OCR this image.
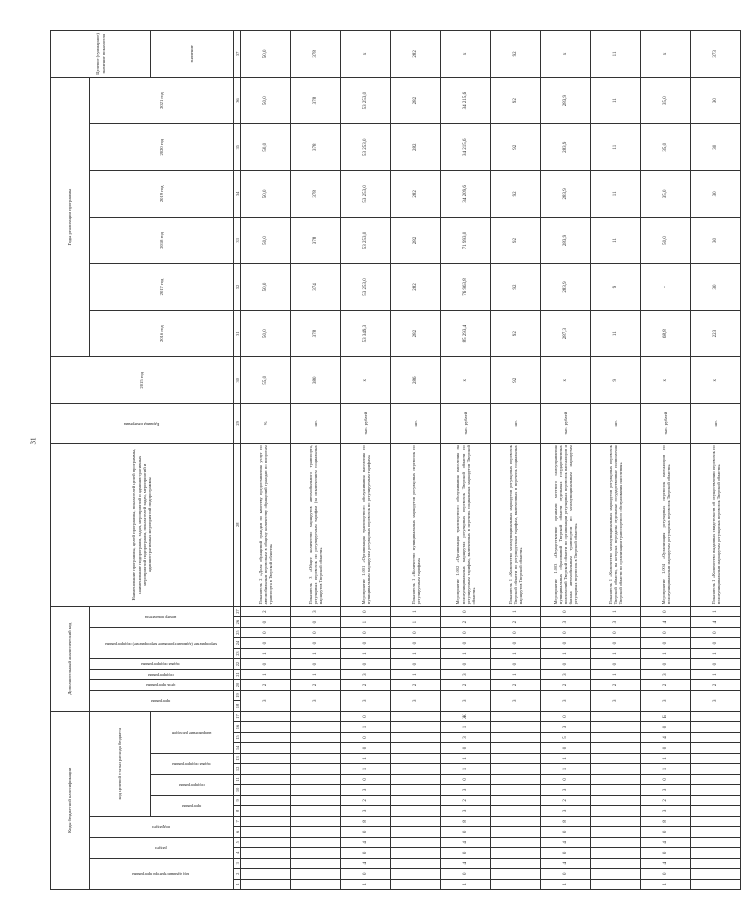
31
Коды бюджетной классификации																	Дополнительный аналитический код										Наименование программы, целей программы, показателей целей программы, наименование подпрограмм, задач, мероприятий и административных мероприятий подпрограмм, показателей задач, мероприятий и административных мероприятий подпрограммы	Единица измерения	2015 год	Годы реализации программы						Целевое (суммарное) значение показателя
код администратора программы			раздел		подраздел		код целевой статьи расхода бюджета										программа		цель программы	подпрограмма	задача подпрограммы	мероприятие (административное мероприятие) подпрограммы			номер показателя					2016 год	2017 год	2018 год	2019 год	2020 год	2021 год	
							программа		подпрограмма		задача подпрограммы		направление расходов																							значение
1	2	3	4	5	6	7	8	9	10	11	12	13	14	15	16	17	18	19	20	21	22	23	24	25	26	27	28	29	30	31	32	33	34	35	36	37
																	3		2	1	0	1	0	0	0	2	Показатель 2 «Доля обращений граждан по качеству предоставления услуг по автомобильным перевозкам в общему количеству обращений граждан по вопросам транспорта в Тверской области»	%	55,0	50,0	50,0	50,0	50,0	50,0	50,0	50,0
																	3		2	1	0	1	0	0	0	3	Показатель 3 «Общее количество маршрутов автомобильного транспорта, регулярных перевозок по регулируемым тарифам (за исключением социальных маршрутов Тверской области»	шт.	380	378	374	378	378	378	378	378
1	0	4	0	4	0	8	3	2	3	0	1	1	0	0	1	0	3		2	3	0	1	0	0	1	0	Мероприятие 1.001 «Организация транспортного обслуживания населения по муниципальным маршрутам регулярных перевозок по регулируемым тарифам»	тыс. рублей	х	53 349,3	53 253,0	53 253,0	53 253,0	53 253,0	53 253,0	х
																	3		2	1	0	1	0	0	1	1	Показатель 1 «Количество муниципальных маршрутов регулярных перевозок по регулируемым тарифам»	шт.	286	282	282	282	282	282	282	282
1	0	4	0	4	0	8	3	2	3	0	1	1	0	3	1	Ж	3		2	3	0	1	0	0	2	0	Мероприятие 1.002 «Организация транспортного обслуживания населения на межмуниципальных маршрутах регулярных перевозок Тверской области по регулируемым тарифам, включенных в перечень социальных маршрутов Тверской области»	тыс. рублей	х	85 293,4	76 963,8	71 993,0	34 209,6	34 215,6	34 215,6	х
																	3		2	1	0	1	0	0	2	1	Показатель 1 «Количество межмуниципальных маршрутов регулярных перевозок Тверской области по регулируемым тарифам, включенных в перечень социальных маршрутов Тверской области»	шт.	92	92	92	92	92	92	92	92
1	0	4	0	4	0	8	3	2	3	0	1	1	0	5	3	0	3		2	3	0	1	0	0	3	0	Мероприятие 1.003 «Осуществление органами местного самоуправления муниципальных образований Тверской области отдельных государственных полномочий Тверской области по организации регулярных перевозок пассажиров и багажа автомобильным транспортом по межмуниципальным маршрутам регулярных перевозок в Тверской области»	тыс. рублей	х	287,3	283,9	283,9	283,9	283,9	283,9	х
																	3		2	1	0	1	0	0	3	1	Показатель 1 «Количество межмуниципальных маршрутов регулярных перевозок Тверской области, на которых переданы отдельные государственные полномочия Тверской области по организации транспортного обслуживания населения»	шт.	9	11	9	11	11	11	11	11
1	0	4	0	4	0	8	3	2	3	0	1	1	0	4	0	Б	3		2	3	0	1	0	0	4	0	Мероприятие 1.004 «Организация регулярных перевозок пассажиров по межмуниципальным маршрутам регулярных перевозок Тверской области»	тыс. рублей	х	68,8	-	50,0	35,0	35,0	35,0	х
																	3		2	1	0	1	0	0	4	1	Показатель 1 «Количество выданных свидетельств об осуществлении перевозок по межмуниципальным маршрутам регулярных перевозок Тверской области»	шт.	х	223	30	30	30	30	30	373
